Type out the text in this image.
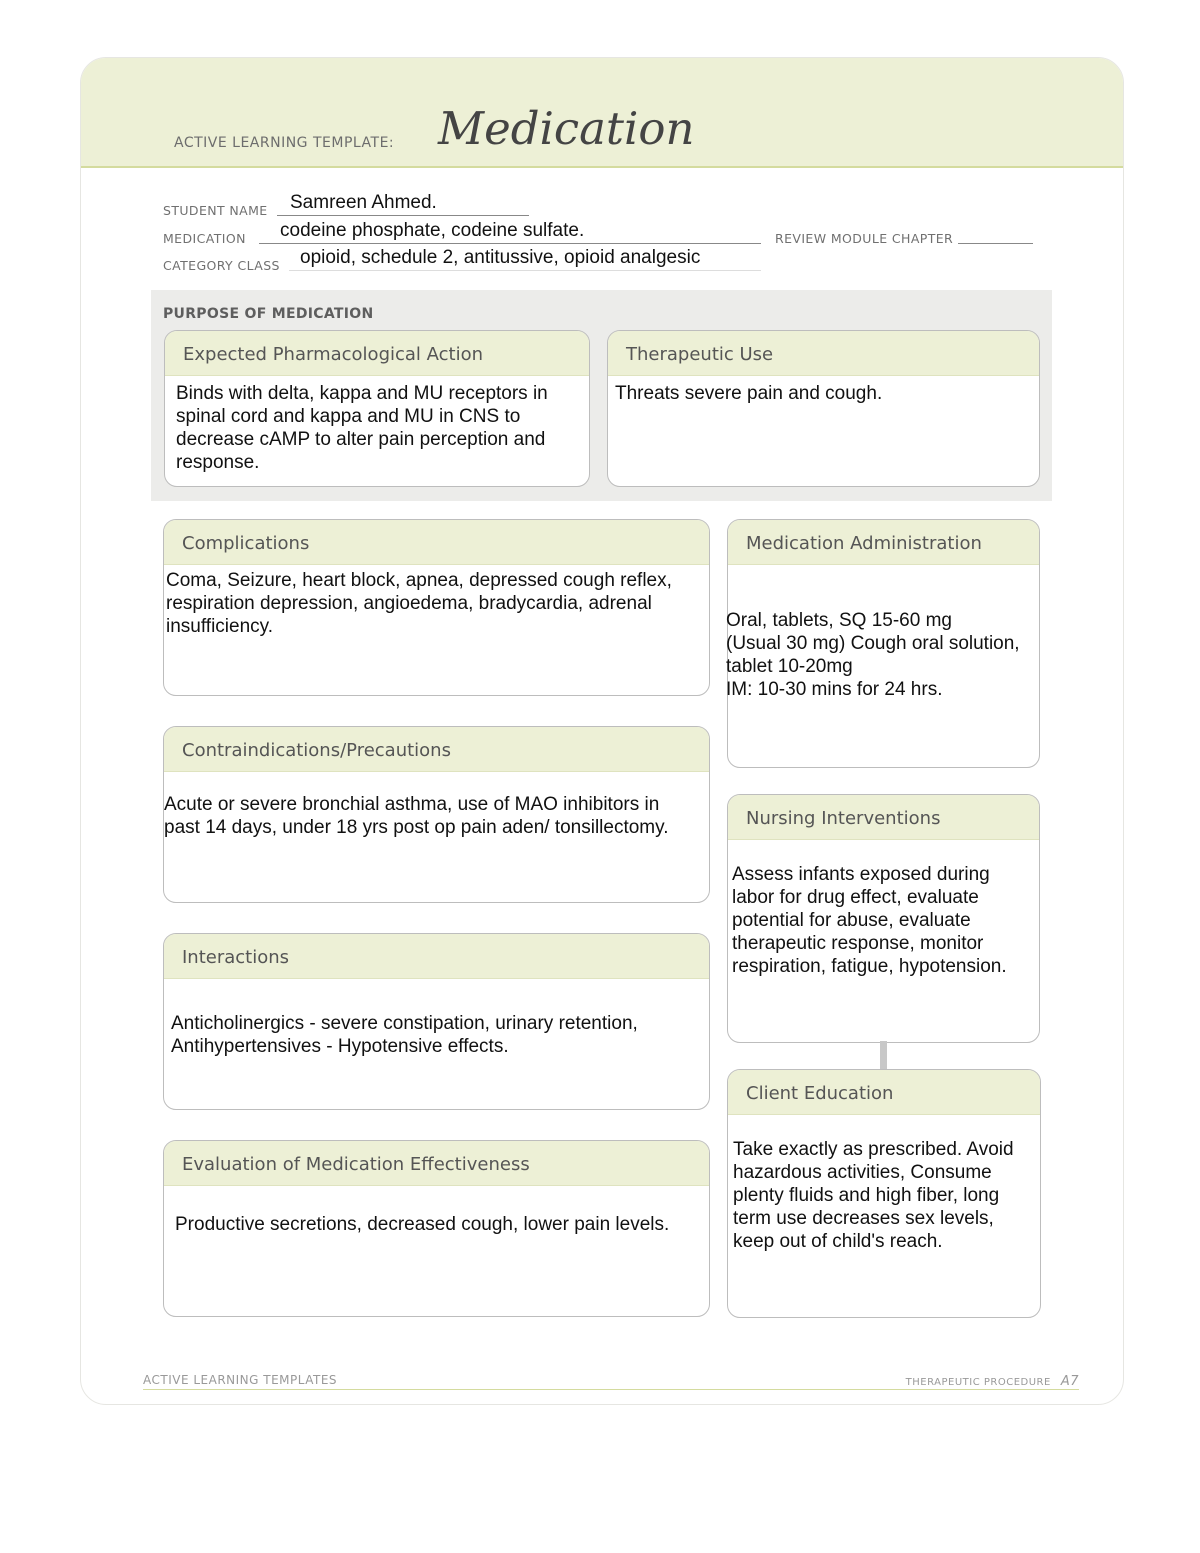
ACTIVE LEARNING TEMPLATE: Medication
STUDENT NAME Samreen Ahmed.
MEDICATION codeine phosphate, codeine sulfate.	REVIEW MODULE CHAPTER
CATEGORY CLASS opioid, schedule 2, antitussive, opioid analgesic
PURPOSE OF MEDICATION
Expected Pharmacological Action
Binds with delta, kappa and MU receptors in
spinal cord and kappa and MU in CNS to
decrease cAMP to alter pain perception and
response.
Therapeutic Use
Threats severe pain and cough.
Complications
Coma, Seizure, heart block, apnea, depressed cough reflex,
respiration depression, angioedema, bradycardia, adrenal
insufficiency.
Contraindications/Precautions
Acute or severe bronchial asthma, use of MAO inhibitors in
past 14 days, under 18 yrs post op pain aden/ tonsillectomy.
Interactions
Anticholinergics - severe constipation, urinary retention,
Antihypertensives - Hypotensive effects.
Evaluation of Medication Effectiveness
Productive secretions, decreased cough, lower pain levels.
Medication Administration
Oral, tablets, SQ 15-60 mg
(Usual 30 mg) Cough oral solution,
tablet 10-20mg
IM: 10-30 mins for 24 hrs.
Nursing Interventions
Assess infants exposed during
labor for drug effect, evaluate
potential for abuse, evaluate
therapeutic response, monitor
respiration, fatigue, hypotension.
Client Education
Take exactly as prescribed. Avoid
hazardous activities, Consume
plenty fluids and high fiber, long
term use decreases sex levels,
keep out of child's reach.
ACTIVE LEARNING TEMPLATES	THERAPEUTIC PROCEDURE A7
